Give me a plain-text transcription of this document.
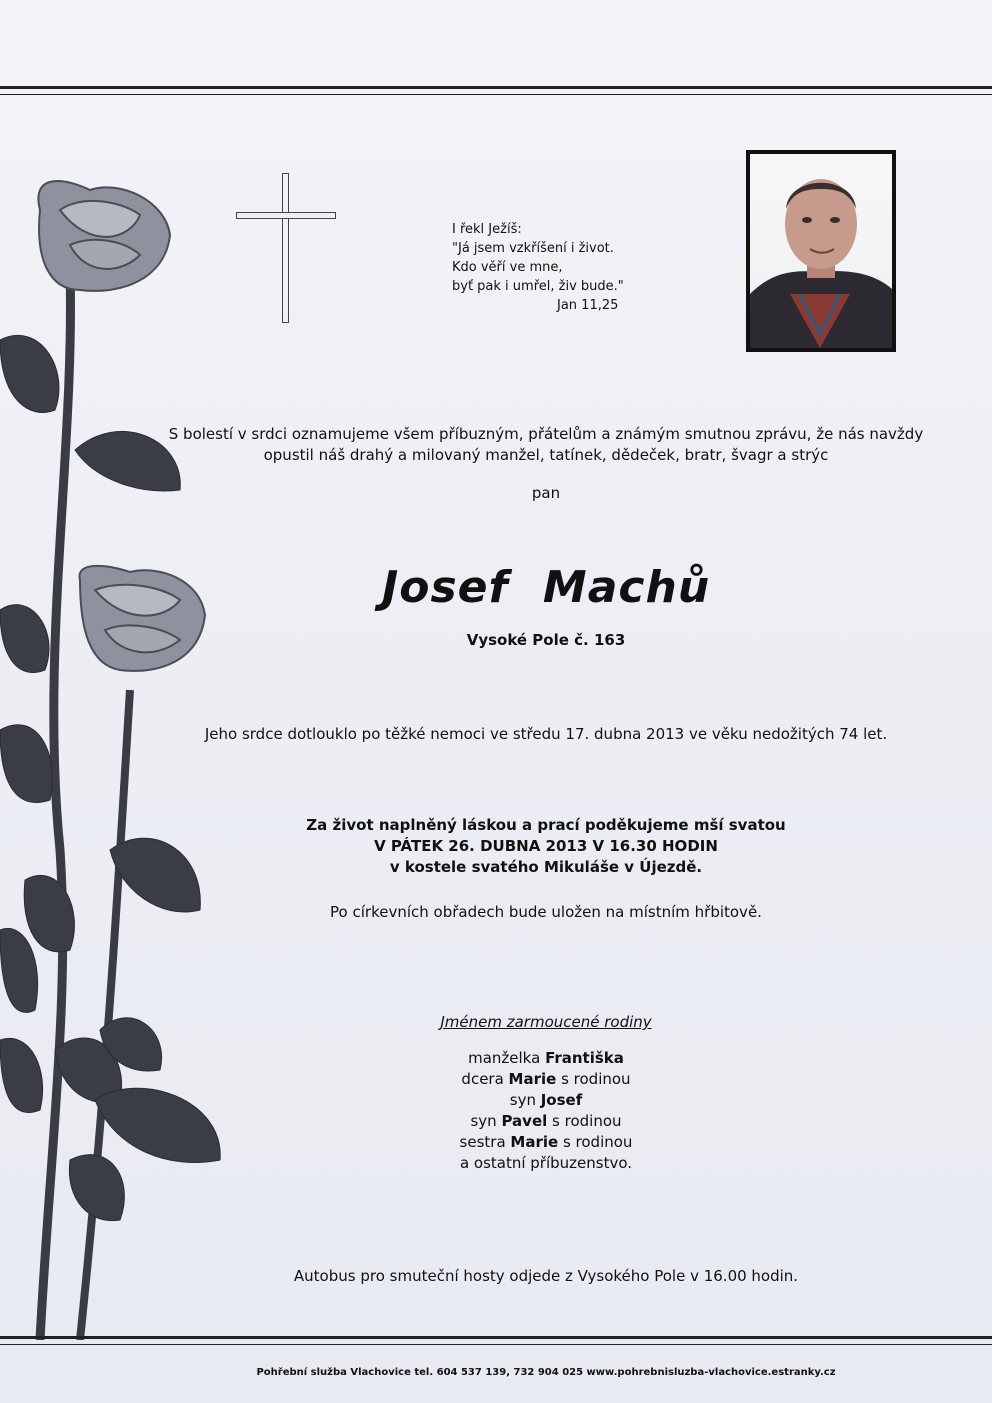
I řekl Ježíš:
"Já jsem vzkříšení i život.
Kdo věří ve mne,
byť pak i umřel, živ bude."
Jan 11,25
S bolestí v srdci oznamujeme všem příbuzným, přátelům a známým smutnou zprávu, že nás navždy
opustil náš drahý a milovaný manžel, tatínek, dědeček, bratr, švagr a strýc
pan
Josef Machů
Vysoké Pole č. 163
Jeho srdce dotlouklo po těžké nemoci ve středu 17. dubna 2013 ve věku nedožitých 74 let.
Za život naplněný láskou a prací poděkujeme mší svatou
V PÁTEK 26. DUBNA 2013 V 16.30 HODIN
v kostele svatého Mikuláše v Újezdě.
Po církevních obřadech bude uložen na místním hřbitově.
Jménem zarmoucené rodiny
manželka Františka
dcera Marie s rodinou
syn Josef
syn Pavel s rodinou
sestra Marie s rodinou
a ostatní příbuzenstvo.
Autobus pro smuteční hosty odjede z Vysokého Pole v 16.00 hodin.
Pohřební služba Vlachovice tel. 604 537 139, 732 904 025 www.pohrebnisluzba-vlachovice.estranky.cz
